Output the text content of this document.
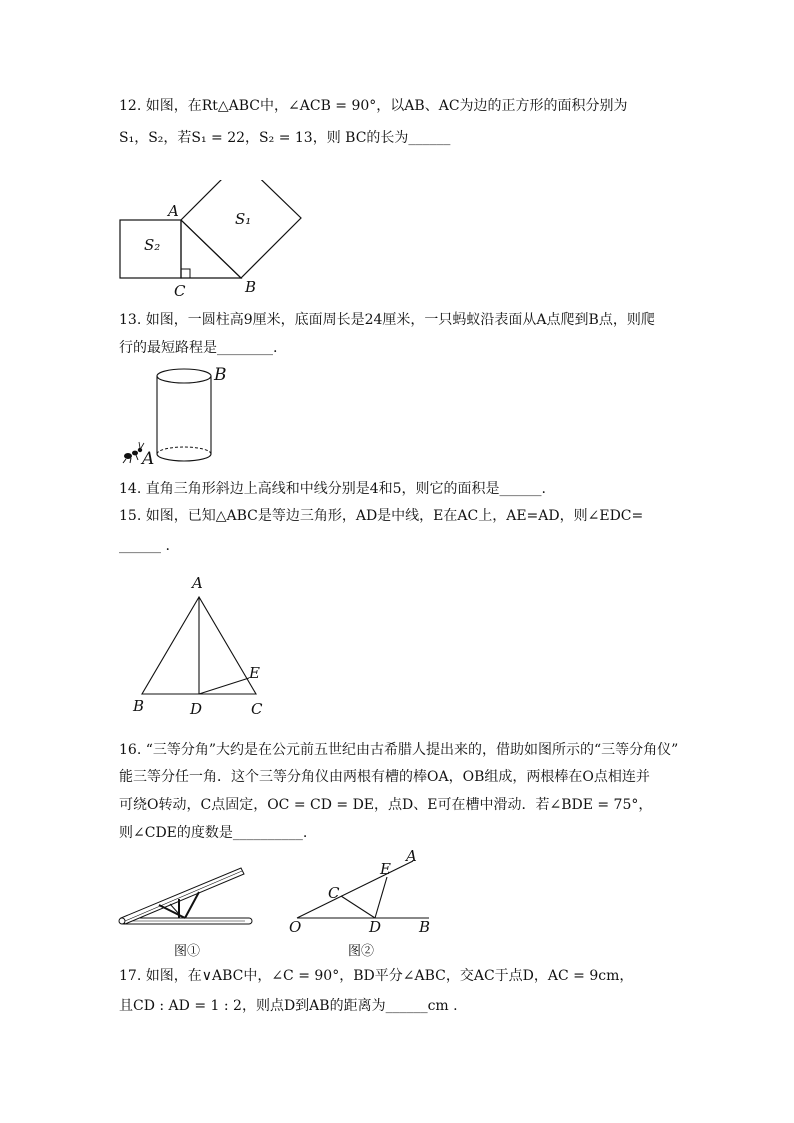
12. 如图，在Rt△ABC中，∠ACB = 90°，以AB、AC为边的正方形的面积分别为
S₁，S₂，若S₁ = 22，S₂ = 13，则 BC的长为______
A
B
C
S₁
S₂
13. 如图，一圆柱高9厘米，底面周长是24厘米，一只蚂蚁沿表面从A点爬到B点，则爬
行的最短路程是________.
A
B
14. 直角三角形斜边上高线和中线分别是4和5，则它的面积是______.
15. 如图，已知△ABC是等边三角形，AD是中线，E在AC上，AE=AD，则∠EDC=
______ .
A
B	C
D
E
16. “三等分角”大约是在公元前五世纪由古希腊人提出来的，借助如图所示的“三等分角仪”
能三等分任一角．这个三等分角仪由两根有槽的棒OA，OB组成，两根棒在O点相连并
可绕O转动，C点固定，OC = CD = DE，点D、E可在槽中滑动．若∠BDE = 75°，
则∠CDE的度数是__________.
图①
O
A
B
C
D
E
图②
17. 如图，在∨ABC中，∠C = 90°，BD平分∠ABC，交AC于点D，AC = 9cm，
且CD : AD = 1 : 2，则点D到AB的距离为______cm .
